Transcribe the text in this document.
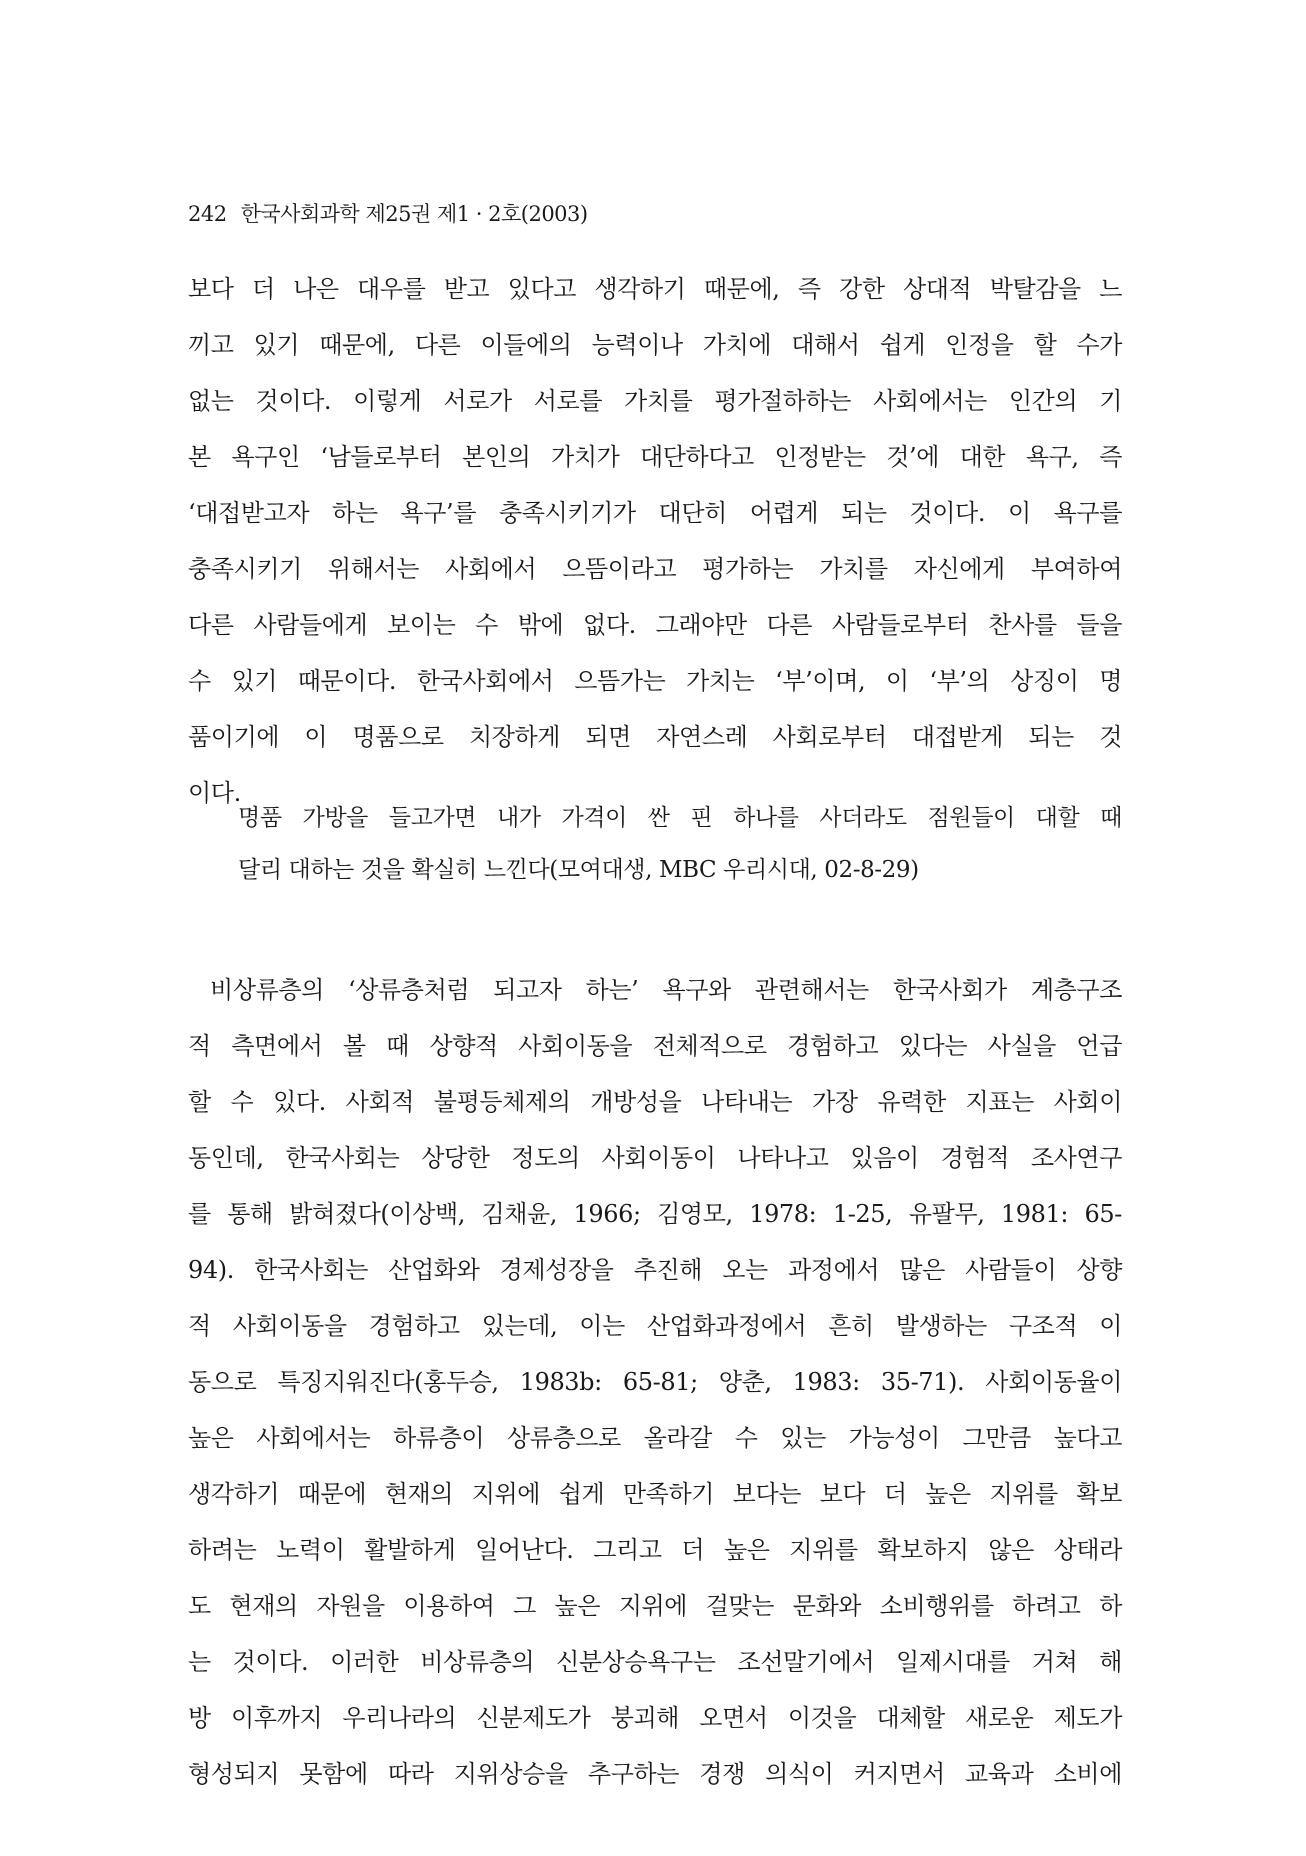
242 한국사회과학 제25권 제1 · 2호(2003)
보다 더 나은 대우를 받고 있다고 생각하기 때문에, 즉 강한 상대적 박탈감을 느
끼고 있기 때문에, 다른 이들에의 능력이나 가치에 대해서 쉽게 인정을 할 수가
없는 것이다. 이렇게 서로가 서로를 가치를 평가절하하는 사회에서는 인간의 기
본 욕구인 ‘남들로부터 본인의 가치가 대단하다고 인정받는 것’에 대한 욕구, 즉
‘대접받고자 하는 욕구’를 충족시키기가 대단히 어렵게 되는 것이다. 이 욕구를
충족시키기 위해서는 사회에서 으뜸이라고 평가하는 가치를 자신에게 부여하여
다른 사람들에게 보이는 수 밖에 없다. 그래야만 다른 사람들로부터 찬사를 들을
수 있기 때문이다. 한국사회에서 으뜸가는 가치는 ‘부’이며, 이 ‘부’의 상징이 명
품이기에 이 명품으로 치장하게 되면 자연스레 사회로부터 대접받게 되는 것
이다.
명품 가방을 들고가면 내가 가격이 싼 핀 하나를 사더라도 점원들이 대할 때
달리 대하는 것을 확실히 느낀다(모여대생, MBC 우리시대, 02-8-29)
비상류층의 ‘상류층처럼 되고자 하는’ 욕구와 관련해서는 한국사회가 계층구조
적 측면에서 볼 때 상향적 사회이동을 전체적으로 경험하고 있다는 사실을 언급
할 수 있다. 사회적 불평등체제의 개방성을 나타내는 가장 유력한 지표는 사회이
동인데, 한국사회는 상당한 정도의 사회이동이 나타나고 있음이 경험적 조사연구
를 통해 밝혀졌다(이상백, 김채윤, 1966; 김영모, 1978: 1-25, 유팔무, 1981: 65-
94). 한국사회는 산업화와 경제성장을 추진해 오는 과정에서 많은 사람들이 상향
적 사회이동을 경험하고 있는데, 이는 산업화과정에서 흔히 발생하는 구조적 이
동으로 특징지워진다(홍두승, 1983b: 65-81; 양춘, 1983: 35-71). 사회이동율이
높은 사회에서는 하류층이 상류층으로 올라갈 수 있는 가능성이 그만큼 높다고
생각하기 때문에 현재의 지위에 쉽게 만족하기 보다는 보다 더 높은 지위를 확보
하려는 노력이 활발하게 일어난다. 그리고 더 높은 지위를 확보하지 않은 상태라
도 현재의 자원을 이용하여 그 높은 지위에 걸맞는 문화와 소비행위를 하려고 하
는 것이다. 이러한 비상류층의 신분상승욕구는 조선말기에서 일제시대를 거쳐 해
방 이후까지 우리나라의 신분제도가 붕괴해 오면서 이것을 대체할 새로운 제도가
형성되지 못함에 따라 지위상승을 추구하는 경쟁 의식이 커지면서 교육과 소비에
